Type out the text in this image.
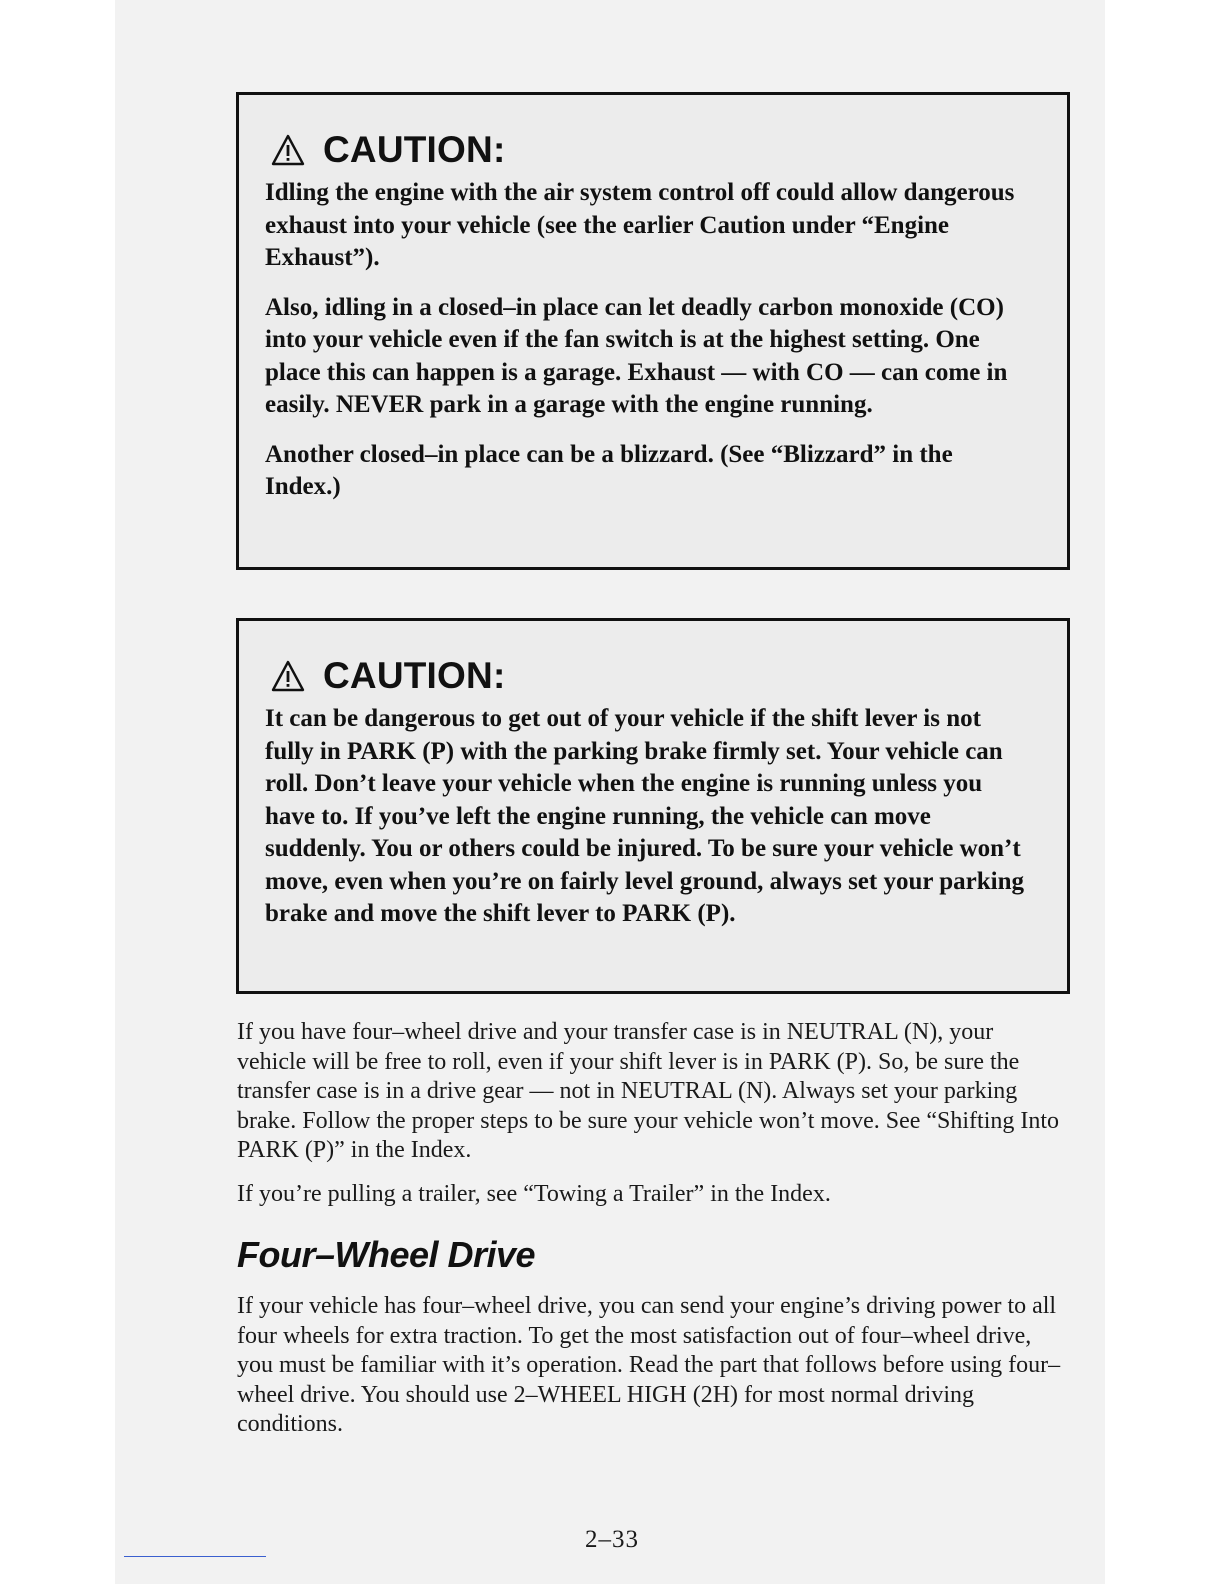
CAUTION:

Idling the engine with the air system control off could allow dangerous exhaust into your vehicle (see the earlier Caution under “Engine Exhaust”).

Also, idling in a closed–in place can let deadly carbon monoxide (CO) into your vehicle even if the fan switch is at the highest setting. One place this can happen is a garage. Exhaust — with CO — can come in easily. NEVER park in a garage with the engine running.

Another closed–in place can be a blizzard. (See “Blizzard” in the Index.)

CAUTION:

It can be dangerous to get out of your vehicle if the shift lever is not fully in PARK (P) with the parking brake firmly set. Your vehicle can roll. Don’t leave your vehicle when the engine is running unless you have to. If you’ve left the engine running, the vehicle can move suddenly. You or others could be injured. To be sure your vehicle won’t move, even when you’re on fairly level ground, always set your parking brake and move the shift lever to PARK (P).

If you have four–wheel drive and your transfer case is in NEUTRAL (N), your vehicle will be free to roll, even if your shift lever is in PARK (P). So, be sure the transfer case is in a drive gear — not in NEUTRAL (N). Always set your parking brake. Follow the proper steps to be sure your vehicle won’t move. See “Shifting Into PARK (P)” in the Index.

If you’re pulling a trailer, see “Towing a Trailer” in the Index.

Four–Wheel Drive

If your vehicle has four–wheel drive, you can send your engine’s driving power to all four wheels for extra traction. To get the most satisfaction out of four–wheel drive, you must be familiar with it’s operation. Read the part that follows before using four–wheel drive. You should use 2–WHEEL HIGH (2H) for most normal driving conditions.

2–33
